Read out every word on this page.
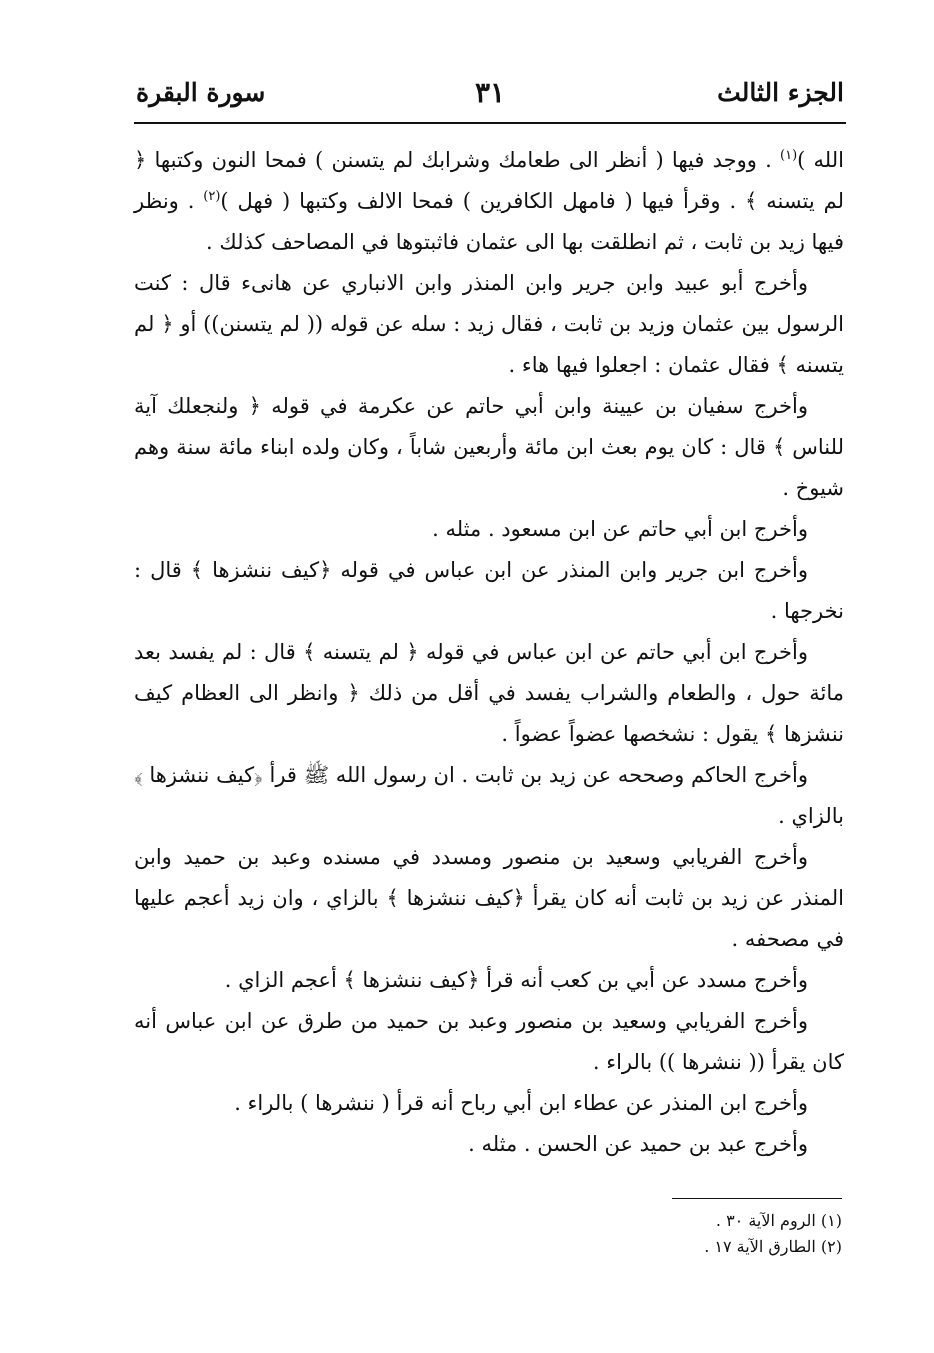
الجزء الثالث
٣١
سورة البقرة

الله )$^{(١)}$ . ووجد فيها ( أنظر الى طعامك وشرابك لم يتسنن ) فمحا النون وكتبها ﴿ لم يتسنه ﴾ . وقرأ فيها ( فامهل الكافرين ) فمحا الالف وكتبها ( فهل )$^{(٢)}$ . ونظر فيها زيد بن ثابت ، ثم انطلقت بها الى عثمان فاثبتوها في المصاحف كذلك .

وأخرج أبو عبيد وابن جرير وابن المنذر وابن الانباري عن هانىء قال : كنت الرسول بين عثمان وزيد بن ثابت ، فقال زيد : سله عن قوله (( لم يتسنن)) أو ﴿ لم يتسنه ﴾ فقال عثمان : اجعلوا فيها هاء .

وأخرج سفيان بن عيينة وابن أبي حاتم عن عكرمة في قوله ﴿ ولنجعلك آية للناس ﴾ قال : كان يوم بعث ابن مائة وأربعين شاباً ، وكان ولده ابناء مائة سنة وهم شيوخ .

وأخرج ابن أبي حاتم عن ابن مسعود . مثله .

وأخرج ابن جرير وابن المنذر عن ابن عباس في قوله ﴿كيف ننشزها ﴾ قال : نخرجها .

وأخرج ابن أبي حاتم عن ابن عباس في قوله ﴿ لم يتسنه ﴾ قال : لم يفسد بعد مائة حول ، والطعام والشراب يفسد في أقل من ذلك ﴿ وانظر الى العظام كيف ننشزها ﴾ يقول : نشخصها عضواً عضواً .

وأخرج الحاكم وصححه عن زيد بن ثابت . ان رسول الله ﷺ قرأ ﴿كيف ننشزها ﴾ بالزاي .

وأخرج الفريابي وسعيد بن منصور ومسدد في مسنده وعبد بن حميد وابن المنذر عن زيد بن ثابت أنه كان يقرأ ﴿كيف ننشزها ﴾ بالزاي ، وان زيد أعجم عليها في مصحفه .

وأخرج مسدد عن أبي بن كعب أنه قرأ ﴿كيف ننشزها ﴾ أعجم الزاي .

وأخرج الفريابي وسعيد بن منصور وعبد بن حميد من طرق عن ابن عباس أنه كان يقرأ (( ننشرها )) بالراء .

وأخرج ابن المنذر عن عطاء ابن أبي رباح أنه قرأ ( ننشرها ) بالراء .

وأخرج عبد بن حميد عن الحسن . مثله .

(١) الروم الآية ٣٠ .

(٢) الطارق الآية ١٧ .
